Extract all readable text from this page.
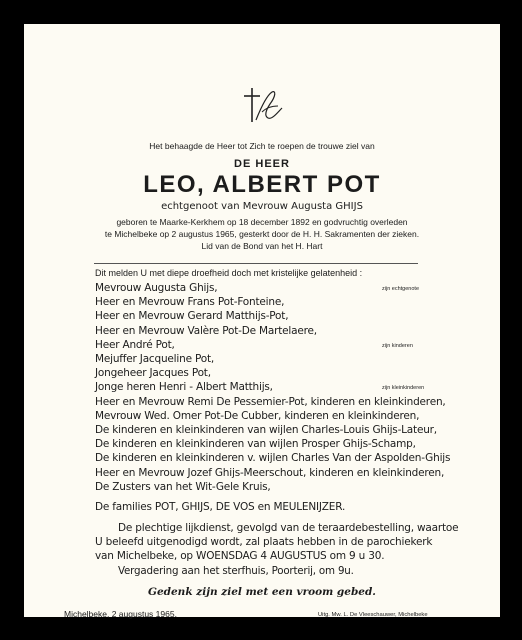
Het behaagde de Heer tot Zich te roepen de trouwe ziel van
DE HEER
LEO, ALBERT POT
echtgenoot van Mevrouw Augusta GHIJS
geboren te Maarke-Kerkhem op 18 december 1892 en godvruchtig overleden
te Michelbeke op 2 augustus 1965, gesterkt door de H. H. Sakramenten der zieken.
Lid van de Bond van het H. Hart
Dit melden U met diepe droefheid doch met kristelijke gelatenheid :
Mevrouw Augusta Ghijs,	zijn echtgenote
Heer en Mevrouw Frans Pot-Fonteine,
Heer en Mevrouw Gerard Matthijs-Pot,
Heer en Mevrouw Valère Pot-De Martelaere,
Heer André Pot,	zijn kinderen
Mejuffer Jacqueline Pot,
Jongeheer Jacques Pot,
Jonge heren Henri - Albert Matthijs,	zijn kleinkinderen
Heer en Mevrouw Remi De Pessemier-Pot, kinderen en kleinkinderen,
Mevrouw Wed. Omer Pot-De Cubber, kinderen en kleinkinderen,
De kinderen en kleinkinderen van wijlen Charles-Louis Ghijs-Lateur,
De kinderen en kleinkinderen van wijlen Prosper Ghijs-Schamp,
De kinderen en kleinkinderen v. wijlen Charles Van der Aspolden-Ghijs
Heer en Mevrouw Jozef Ghijs-Meerschout, kinderen en kleinkinderen,
De Zusters van het Wit-Gele Kruis,
De families POT, GHIJS, DE VOS en MEULENIJZER.
De plechtige lijkdienst, gevolgd van de teraardebestelling, waartoe
U beleefd uitgenodigd wordt, zal plaats hebben in de parochiekerk
van Michelbeke, op WOENSDAG 4 AUGUSTUS om 9 u 30.
Vergadering aan het sterfhuis, Poorterij, om 9u.
Gedenk zijn ziel met een vroom gebed.
Michelbeke, 2 augustus 1965.	Uitg. Mw. L. De Vleeschauwer, Michelbeke
